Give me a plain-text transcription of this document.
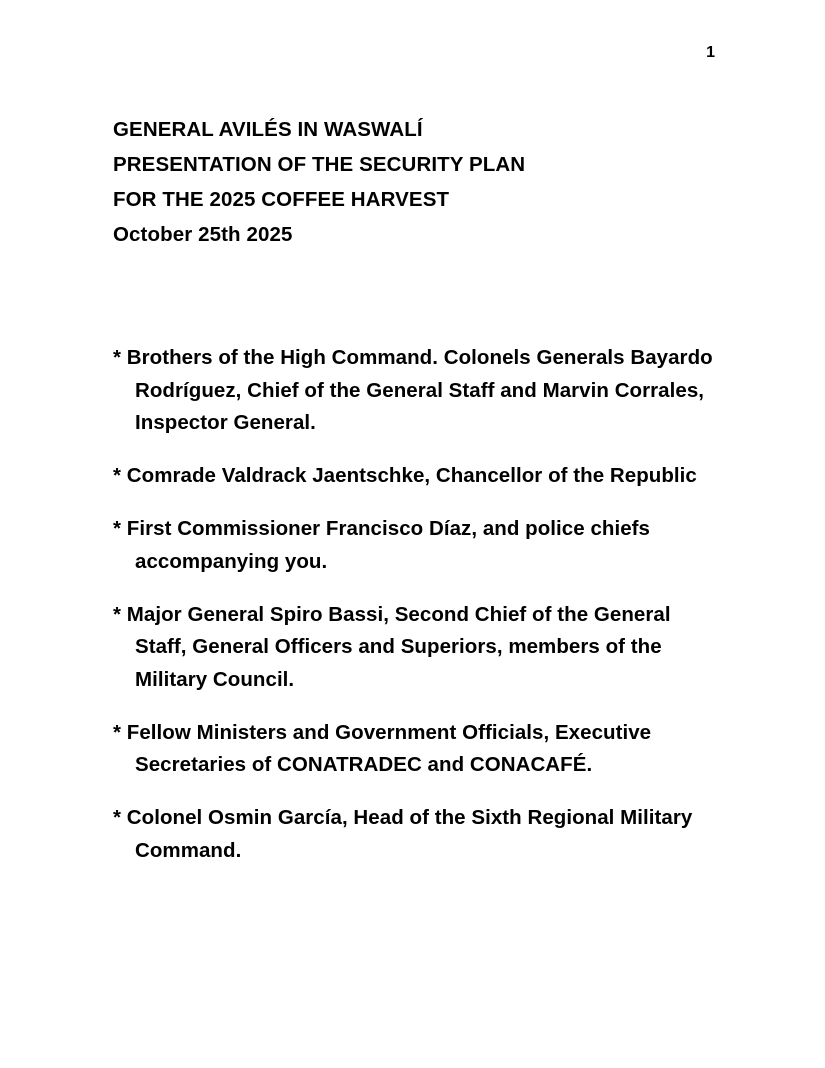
1
GENERAL AVILÉS IN WASWALÍ
PRESENTATION OF THE SECURITY PLAN
FOR THE 2025 COFFEE HARVEST
October 25th 2025

* Brothers of the High Command. Colonels Generals Bayardo Rodríguez, Chief of the General Staff and Marvin Corrales, Inspector General.

* Comrade Valdrack Jaentschke, Chancellor of the Republic

* First Commissioner Francisco Díaz, and police chiefs accompanying you.

* Major General Spiro Bassi, Second Chief of the General Staff, General Officers and Superiors, members of the Military Council.

* Fellow Ministers and Government Officials, Executive Secretaries of CONATRADEC and CONACAFÉ.

* Colonel Osmin García, Head of the Sixth Regional Military Command.
